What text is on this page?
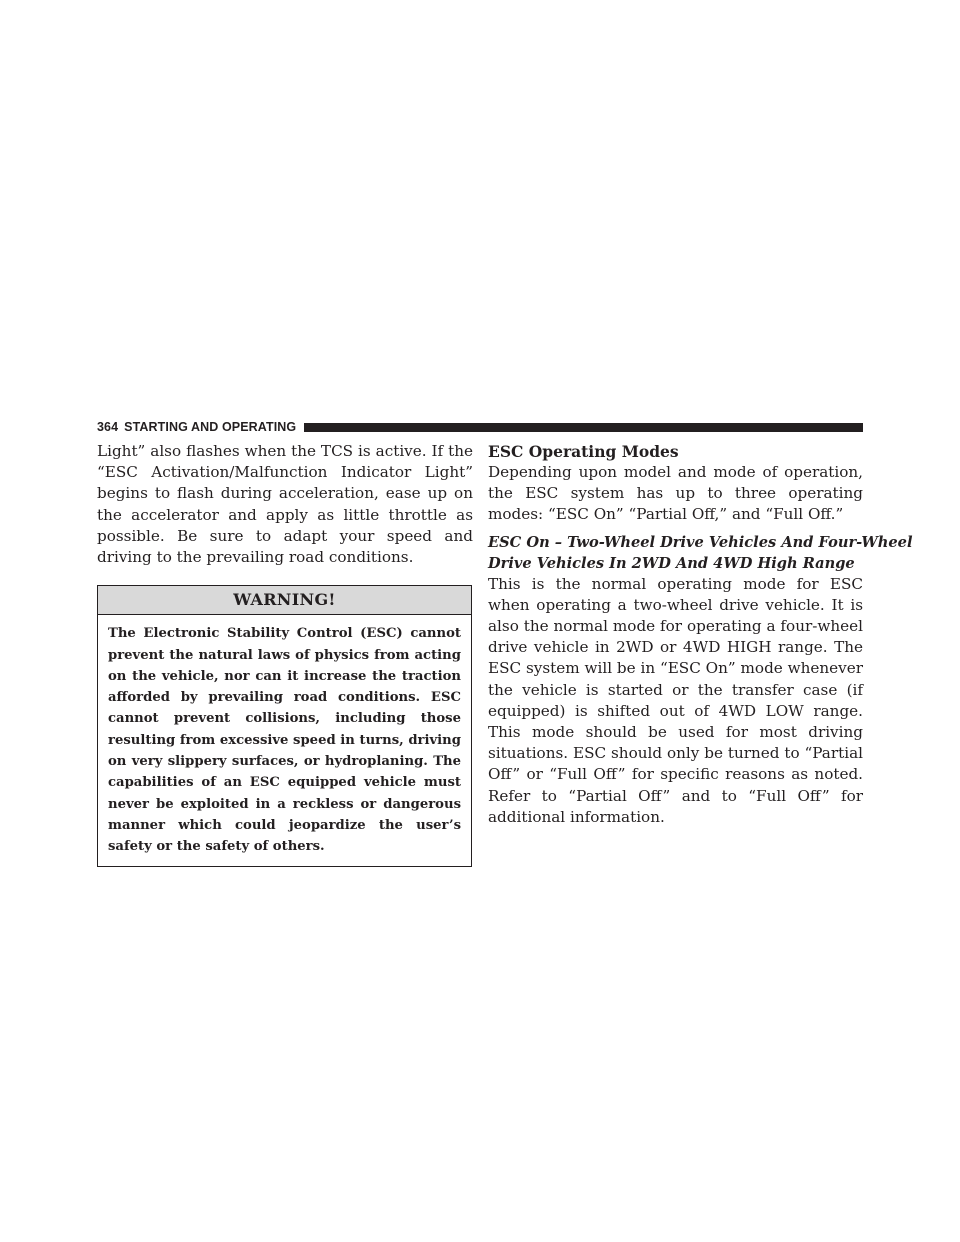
364 STARTING AND OPERATING

Light” also flashes when the TCS is active. If the “ESC Activation/Malfunction Indicator Light” begins to flash during acceleration, ease up on the accelerator and apply as little throttle as possible. Be sure to adapt your speed and driving to the prevailing road conditions.

WARNING!

The Electronic Stability Control (ESC) cannot prevent the natural laws of physics from acting on the vehicle, nor can it increase the traction afforded by prevailing road conditions. ESC cannot prevent collisions, including those resulting from excessive speed in turns, driving on very slippery surfaces, or hydroplaning. The capabilities of an ESC equipped vehicle must never be exploited in a reckless or dangerous manner which could jeopardize the user’s safety or the safety of others.

ESC Operating Modes

Depending upon model and mode of operation, the ESC system has up to three operating modes: “ESC On” “Partial Off,” and “Full Off.”

ESC On – Two-Wheel Drive Vehicles And Four-Wheel
Drive Vehicles In 2WD And 4WD High Range

This is the normal operating mode for ESC when operating a two-wheel drive vehicle. It is also the normal mode for operating a four-wheel drive vehicle in 2WD or 4WD HIGH range. The ESC system will be in “ESC On” mode whenever the vehicle is started or the transfer case (if equipped) is shifted out of 4WD LOW range. This mode should be used for most driving situations. ESC should only be turned to “Partial Off” or “Full Off” for specific reasons as noted. Refer to “Partial Off” and to “Full Off” for additional information.
